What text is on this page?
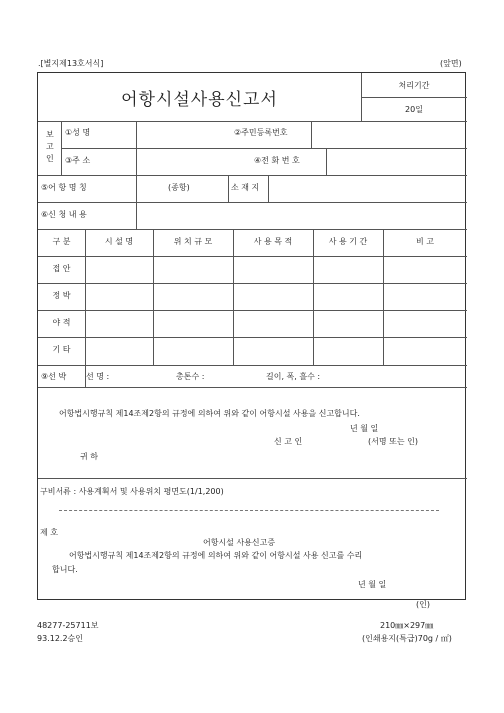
.[별지제13호서식]	(앞면)
어항시설사용신고서
처리기간
20일
보
고
인
①성 명	②주민등록번호
③주 소	④전 화 번 호
⑤어 항 명 칭	(종항)	소 재 지
⑥신 청 내 용
구 분	시 설 명	위 치 규 모	사 용 목 적	사 용 기 간	비 고
접 안
정 박
야 적
기 타
⑨선 박 선 명 :	총톤수 :	길이, 폭, 흘수 :
어항법시행규칙 제14조제2항의 규정에 의하여 위와 같이 어항시설 사용을 신고합니다.
년 월 일
신 고 인	(서명 또는 인)
귀 하
구비서류 : 사용계획서 및 사용위치 평면도(1/1,200)
제 호
어항시설 사용신고증
어항법시행규칙 제14조제2항의 규정에 의하여 위와 같이 어항시설 사용 신고를 수리
합니다.
년 월 일
(인)
48277-25711보
93.12.2승인
210㎜×297㎜
(인쇄용지(특급)70g / ㎡)
